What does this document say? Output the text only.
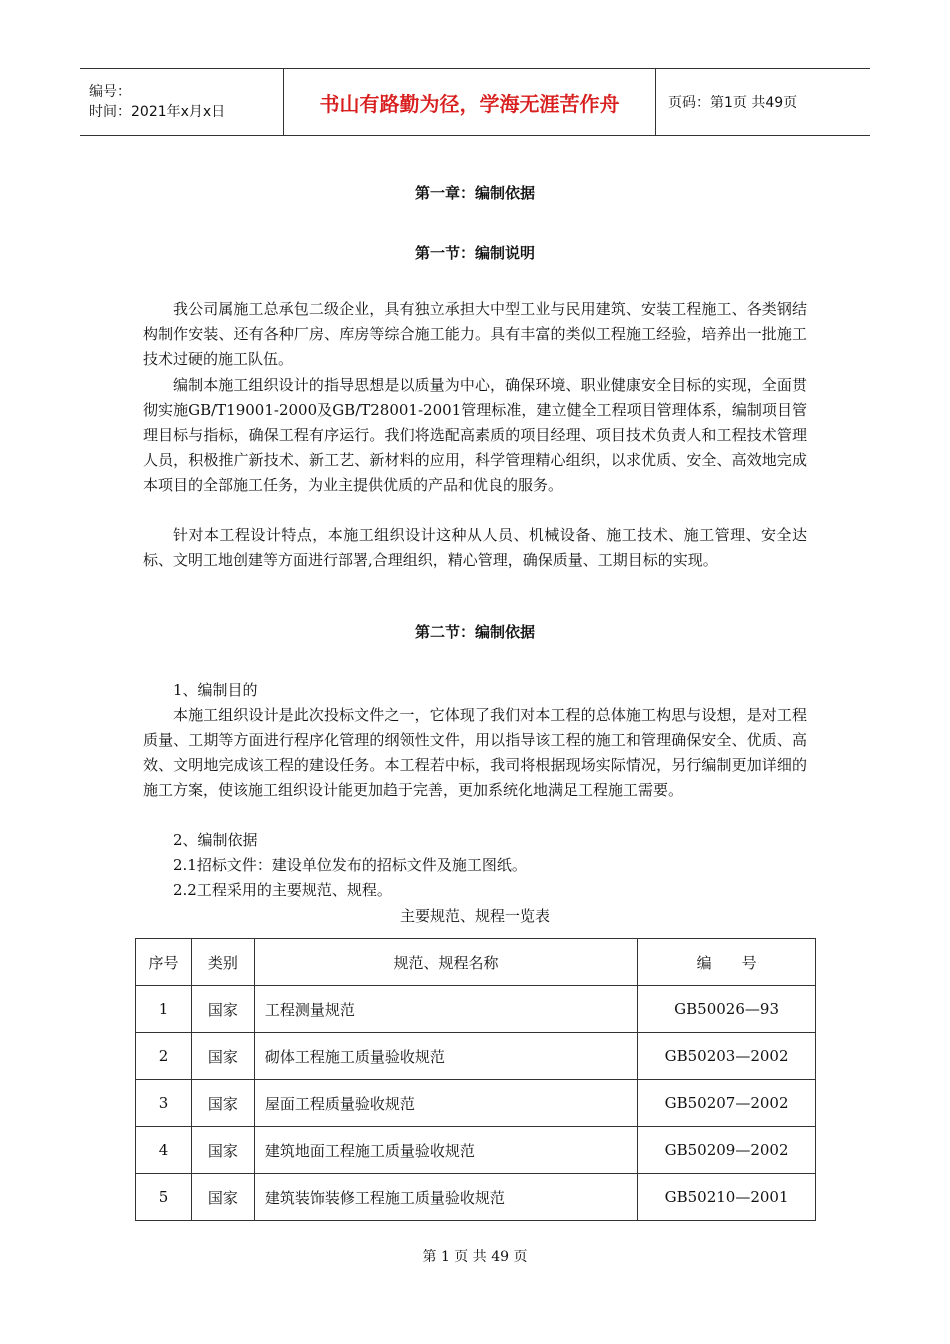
编号：
时间：2021年x月x日	书山有路勤为径，学海无涯苦作舟	页码：第1页 共49页
第一章：编制依据
第一节：编制说明

我公司属施工总承包二级企业，具有独立承担大中型工业与民用建筑、安装工程施工、各类钢结构制作安装、还有各种厂房、库房等综合施工能力。具有丰富的类似工程施工经验，培养出一批施工技术过硬的施工队伍。

编制本施工组织设计的指导思想是以质量为中心，确保环境、职业健康安全目标的实现，全面贯彻实施GB/T19001-2000及GB/T28001-2001管理标准，建立健全工程项目管理体系，编制项目管理目标与指标，确保工程有序运行。我们将选配高素质的项目经理、项目技术负责人和工程技术管理人员，积极推广新技术、新工艺、新材料的应用，科学管理精心组织，以求优质、安全、高效地完成本项目的全部施工任务，为业主提供优质的产品和优良的服务。

针对本工程设计特点，本施工组织设计这种从人员、机械设备、施工技术、施工管理、安全达标、文明工地创建等方面进行部署,合理组织，精心管理，确保质量、工期目标的实现。

第二节：编制依据

1、编制目的

本施工组织设计是此次投标文件之一，它体现了我们对本工程的总体施工构思与设想，是对工程质量、工期等方面进行程序化管理的纲领性文件，用以指导该工程的施工和管理确保安全、优质、高效、文明地完成该工程的建设任务。本工程若中标，我司将根据现场实际情况，另行编制更加详细的施工方案，使该施工组织设计能更加趋于完善，更加系统化地满足工程施工需要。

2、编制依据

2.1招标文件：建设单位发布的招标文件及施工图纸。

2.2工程采用的主要规范、规程。

主要规范、规程一览表
序号	类别	规范、规程名称	编　　号
1	国家	工程测量规范	GB50026—93
2	国家	砌体工程施工质量验收规范	GB50203—2002
3	国家	屋面工程质量验收规范	GB50207—2002
4	国家	建筑地面工程施工质量验收规范	GB50209—2002
5	国家	建筑装饰装修工程施工质量验收规范	GB50210—2001
第 1 页 共 49 页
